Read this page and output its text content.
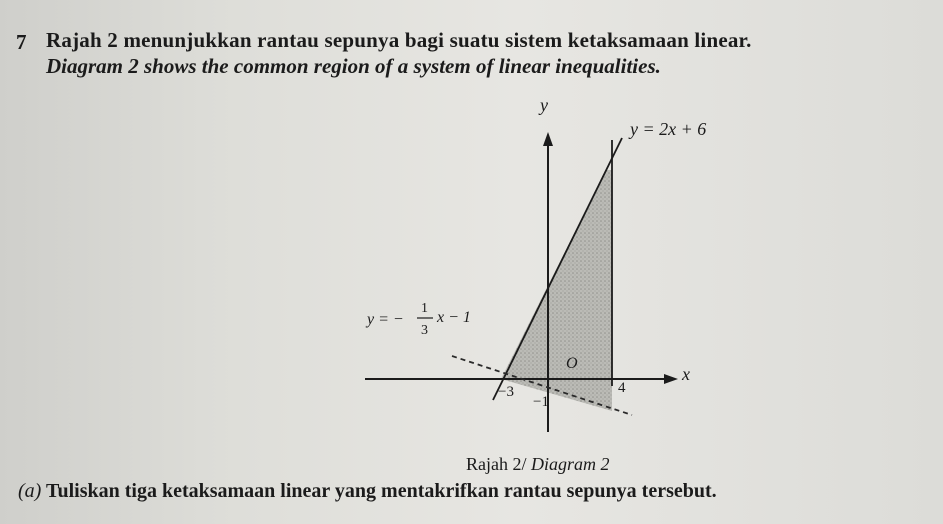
7 Rajah 2 menunjukkan rantau sepunya bagi suatu sistem ketaksamaan linear.
Diagram 2 shows the common region of a system of linear inequalities.
y
x
O
y = 2x + 6
y = −
1
3
x − 1
−3	4
−1
Rajah 2/ Diagram 2
(a) Tuliskan tiga ketaksamaan linear yang mentakrifkan rantau sepunya tersebut.
